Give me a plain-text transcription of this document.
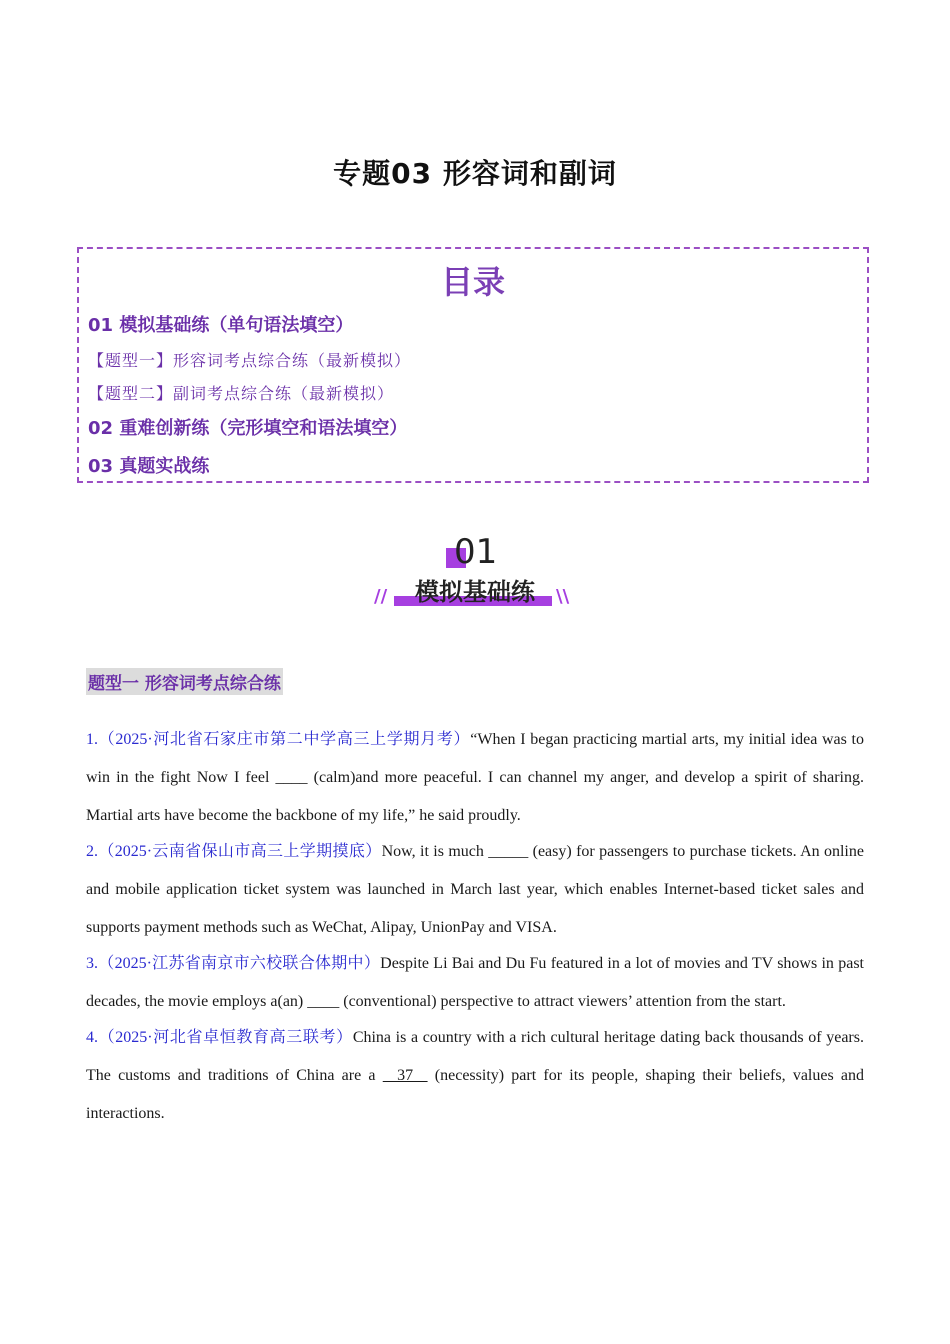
专题03 形容词和副词
目录
01 模拟基础练（单句语法填空）
【题型一】形容词考点综合练（最新模拟）
【题型二】副词考点综合练（最新模拟）
02 重难创新练（完形填空和语法填空）
03 真题实战练
01
模拟基础练
//	\\
题型一 形容词考点综合练

1.（2025·河北省石家庄市第二中学高三上学期月考）“When I began practicing martial arts, my initial idea was to win in the fight Now I feel ____ (calm)and more peaceful. I can channel my anger, and develop a spirit of sharing. Martial arts have become the backbone of my life,” he said proudly.

2.（2025·云南省保山市高三上学期摸底）Now, it is much _____ (easy) for passengers to purchase tickets. An online and mobile application ticket system was launched in March last year, which enables Internet-based ticket sales and supports payment methods such as WeChat, Alipay, UnionPay and VISA.

3.（2025·江苏省南京市六校联合体期中）Despite Li Bai and Du Fu featured in a lot of movies and TV shows in past decades, the movie employs a(an) ____ (conventional) perspective to attract viewers’ attention from the start.

4.（2025·河北省卓恒教育高三联考）China is a country with a rich cultural heritage dating back thousands of years. The customs and traditions of China are a   37   (necessity) part for its people, shaping their beliefs, values and interactions.
